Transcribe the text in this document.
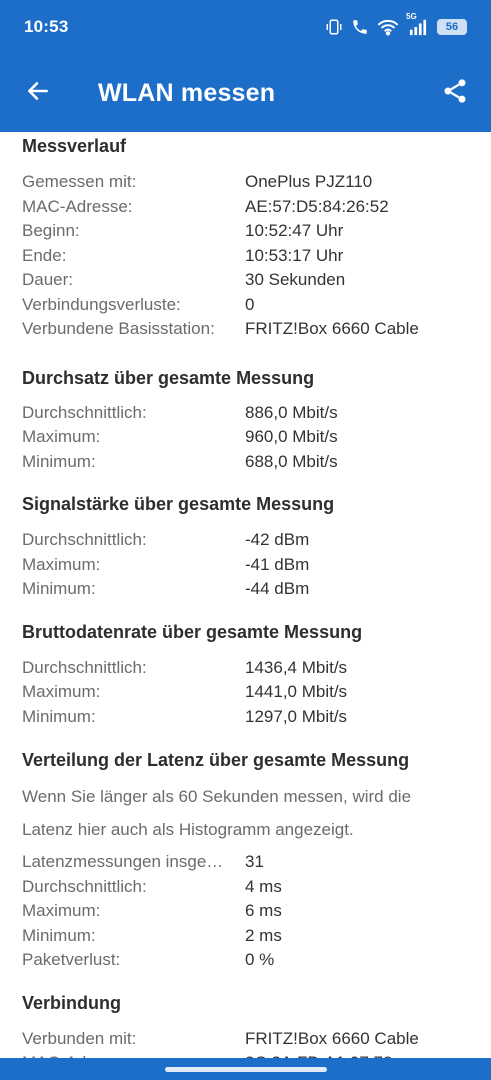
10:53
5G
56
WLAN messen
Messverlauf
Gemessen mit:	OnePlus PJZ110
MAC-Adresse:	AE:57:D5:84:26:52
Beginn:	10:52:47 Uhr
Ende:	10:53:17 Uhr
Dauer:	30 Sekunden
Verbindungsverluste:	0
Verbundene Basisstation:	FRITZ!Box 6660 Cable
Durchsatz über gesamte Messung
Durchschnittlich:	886,0 Mbit/s
Maximum:	960,0 Mbit/s
Minimum:	688,0 Mbit/s
Signalstärke über gesamte Messung
Durchschnittlich:	-42 dBm
Maximum:	-41 dBm
Minimum:	-44 dBm
Bruttodatenrate über gesamte Messung
Durchschnittlich:	1436,4 Mbit/s
Maximum:	1441,0 Mbit/s
Minimum:	1297,0 Mbit/s
Verteilung der Latenz über gesamte Messung
Wenn Sie länger als 60 Sekunden messen, wird die
Latenz hier auch als Histogramm angezeigt.
Latenzmessungen insge…	31
Durchschnittlich:	4 ms
Maximum:	6 ms
Minimum:	2 ms
Paketverlust:	0 %
Verbindung
Verbunden mit:	FRITZ!Box 6660 Cable
